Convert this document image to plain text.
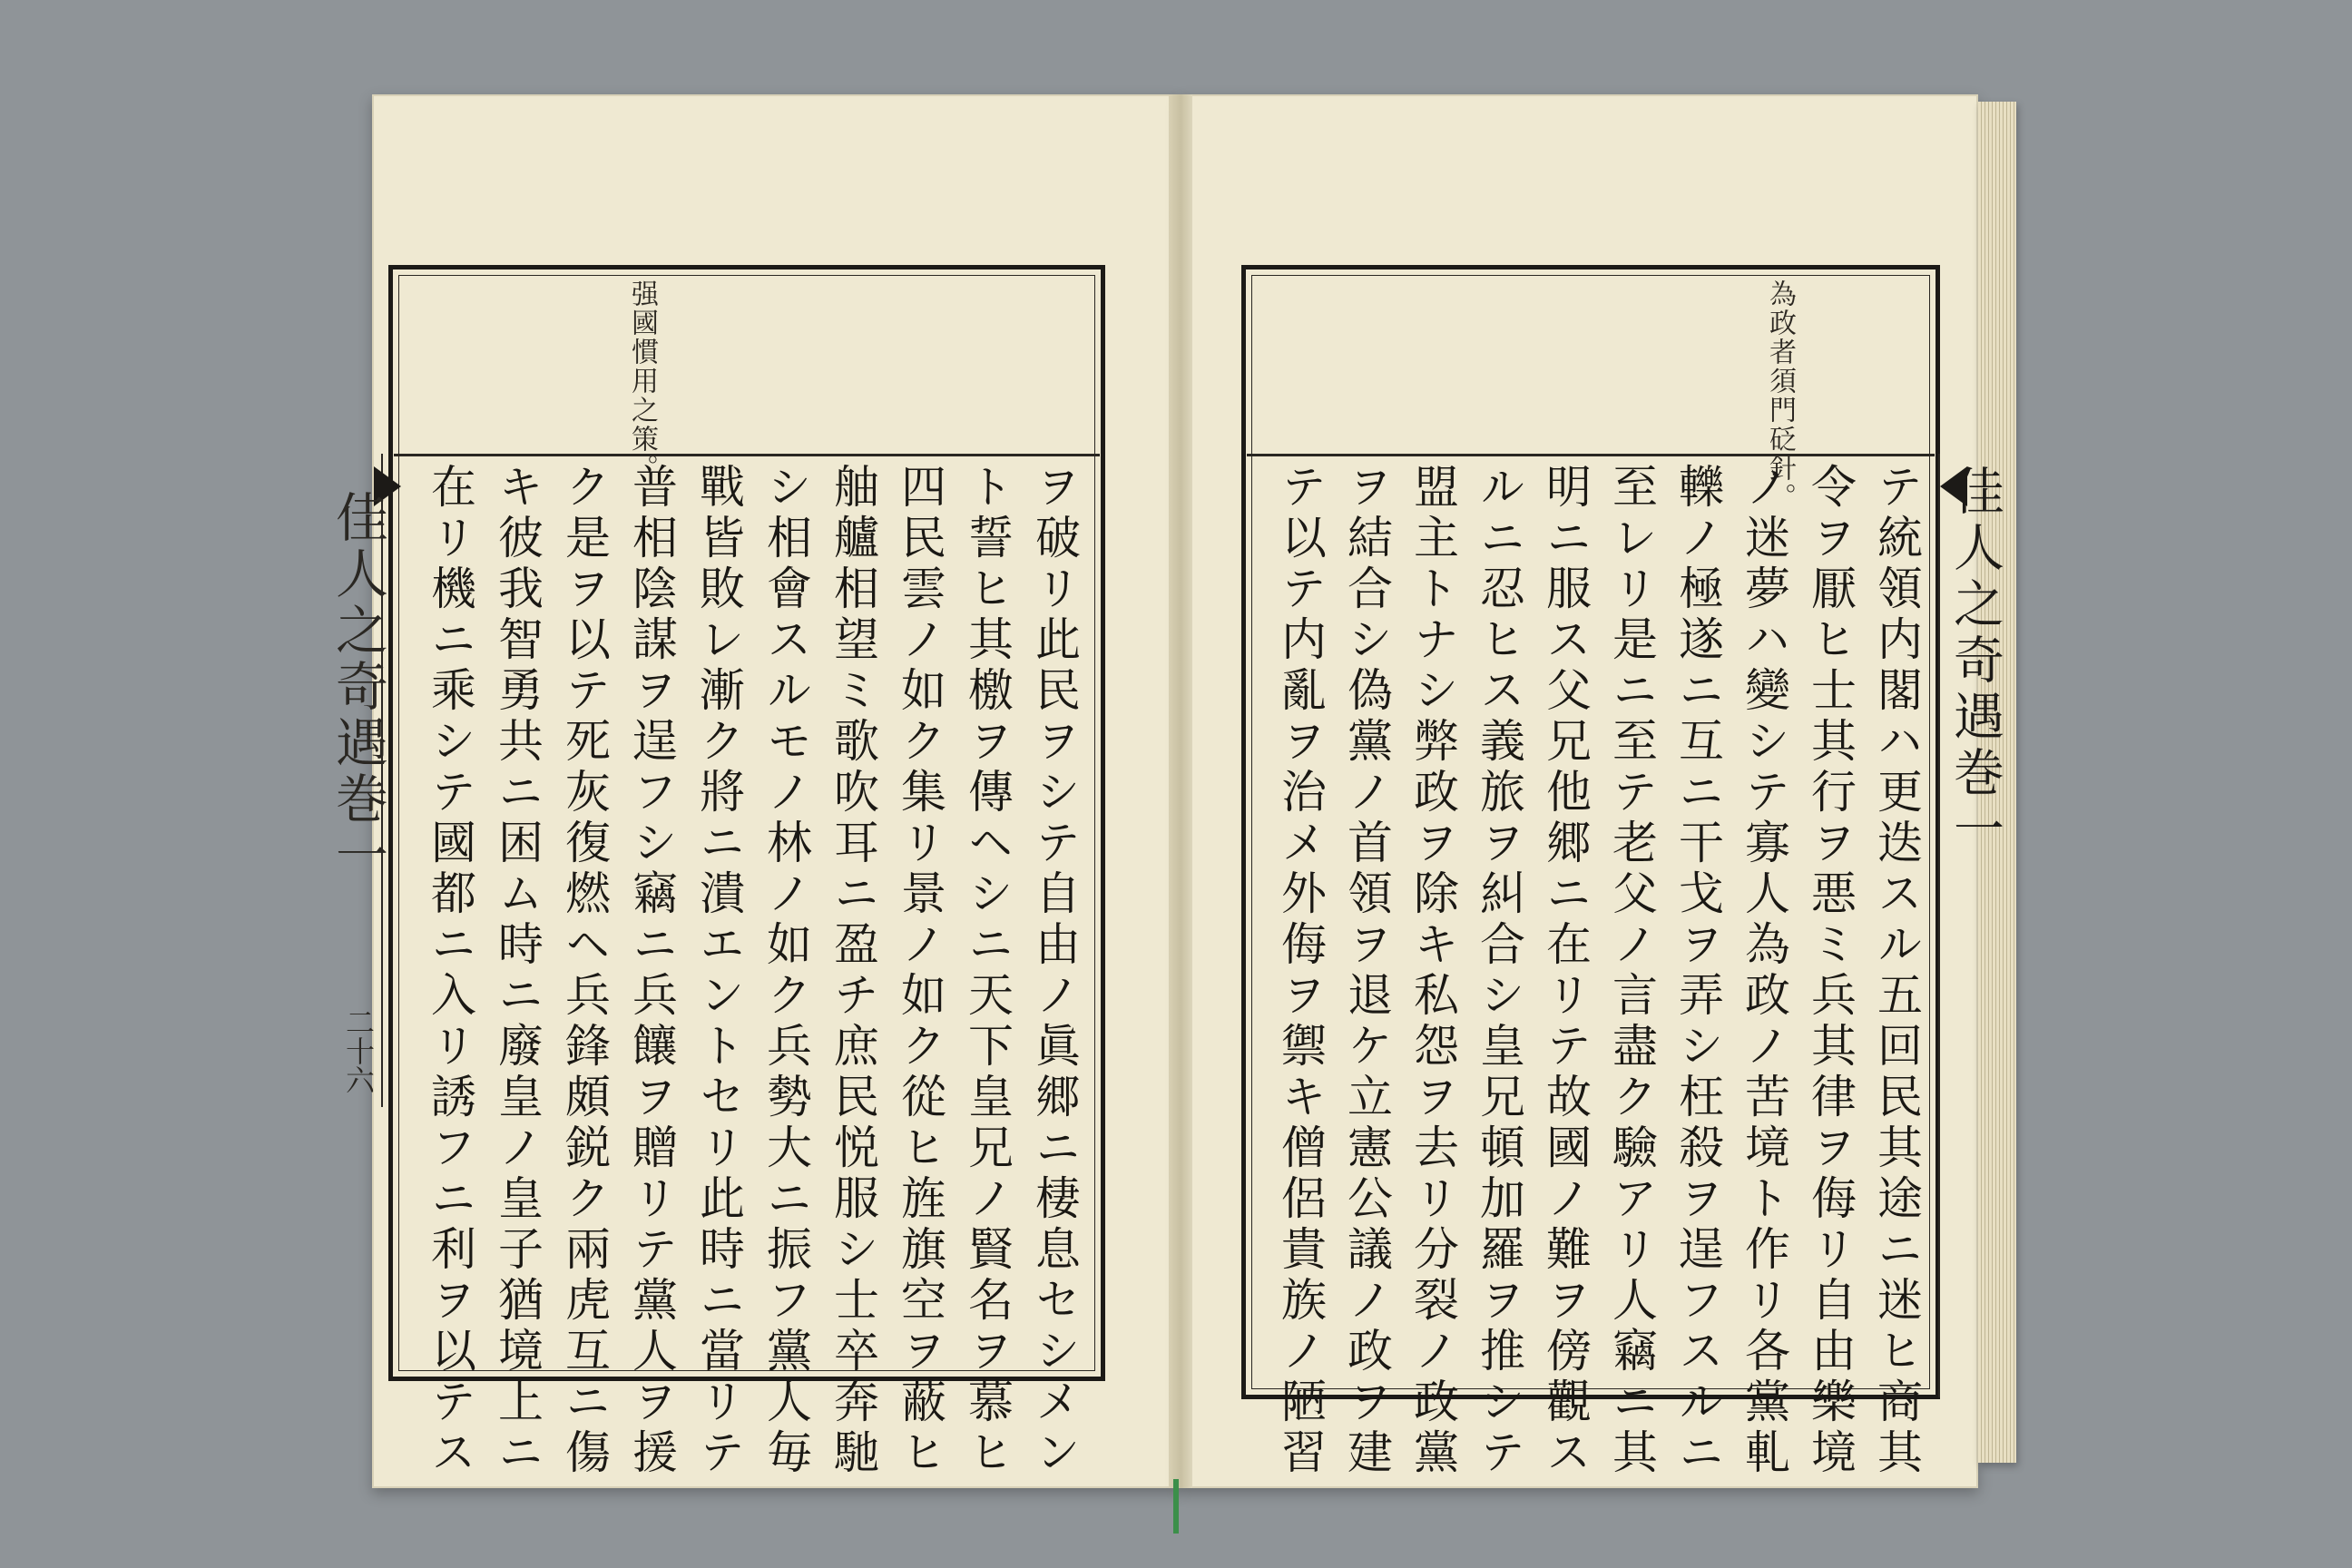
佳人之奇遇巻一
二十六
强國慣用之策。
ヲ破リ此民ヲシテ自由ノ眞郷ニ棲息セシメン
ト誓ヒ其檄ヲ傳ヘシニ天下皇兄ノ賢名ヲ慕ヒ
四民雲ノ如ク集リ景ノ如ク從ヒ旌旗空ヲ蔽ヒ
舳艫相望ミ歌吹耳ニ盈チ庶民悦服シ士卒奔馳
シ相會スルモノ林ノ如ク兵勢大ニ振フ黨人毎
戰皆敗レ漸ク將ニ潰エントセリ此時ニ當リテ
普相陰謀ヲ逞フシ竊ニ兵饟ヲ贈リテ黨人ヲ援
ク是ヲ以テ死灰復燃ヘ兵鋒頗鋭ク兩虎互ニ傷
キ彼我智勇共ニ困ム時ニ廢皇ノ皇子猶境上ニ
在リ機ニ乘シテ國都ニ入リ誘フニ利ヲ以テス	佳人之奇遇巻一
為政者須門砭針。
テ統領内閣ハ更迭スル五回民其途ニ迷ヒ商其
令ヲ厭ヒ士其行ヲ悪ミ兵其律ヲ侮リ自由樂境
ノ迷夢ハ變シテ寡人為政ノ苦境ト作リ各黨軋
轢ノ極遂ニ互ニ干戈ヲ弄シ枉殺ヲ逞フスルニ
至レリ是ニ至テ老父ノ言盡ク驗アリ人竊ニ其
明ニ服ス父兄他郷ニ在リテ故國ノ難ヲ傍觀ス
ルニ忍ヒス義旅ヲ糾合シ皇兄頓加羅ヲ推シテ
盟主トナシ弊政ヲ除キ私怨ヲ去リ分裂ノ政黨
ヲ結合シ偽黨ノ首領ヲ退ケ立憲公議ノ政ヲ建
テ以テ内亂ヲ治メ外侮ヲ禦キ僧侶貴族ノ陋習
